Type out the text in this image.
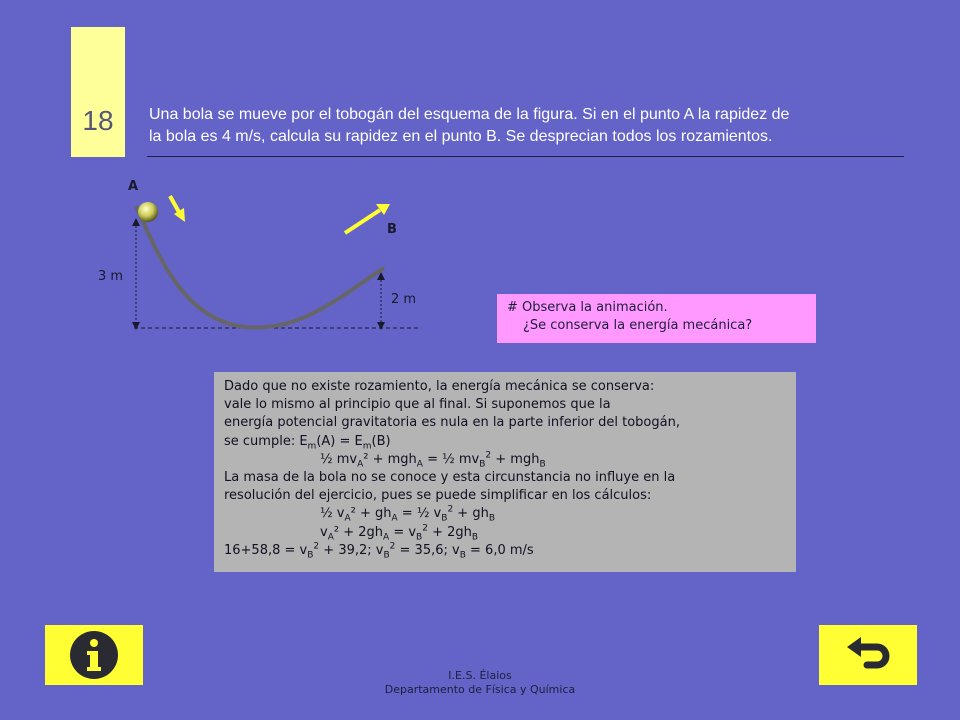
18	Una bola se mueve por el tobogán del esquema de la figura. Si en el punto A la rapidez de
la bola es 4 m/s, calcula su rapidez en el punto B. Se desprecian todos los rozamientos.
A
B
3 m
2 m
# Observa la animación.
¿Se conserva la energía mecánica?
Dado que no existe rozamiento, la energía mecánica se conserva:
vale lo mismo al principio que al final. Si suponemos que la
energía potencial gravitatoria es nula en la parte inferior del tobogán,
se cumple: $E_m(A) = E_m(B)$
½ $mv_A^2 + mgh_A$ = ½ $mv_B^2 + mgh_B$
La masa de la bola no se conoce y esta circunstancia no influye en la
resolución del ejercicio, pues se puede simplificar en los cálculos:
½ $v_A^2 + gh_A$ = ½ $v_B^2 + gh_B$
$v_A^2 + 2gh_A = v_B^2 + 2gh_B$
$16+58,8 = v_B^2 + 39,2$; $v_B^2 = 35,6$; $v_B = 6,0$ m/s
I.E.S. Élaios
Departamento de Física y Química
